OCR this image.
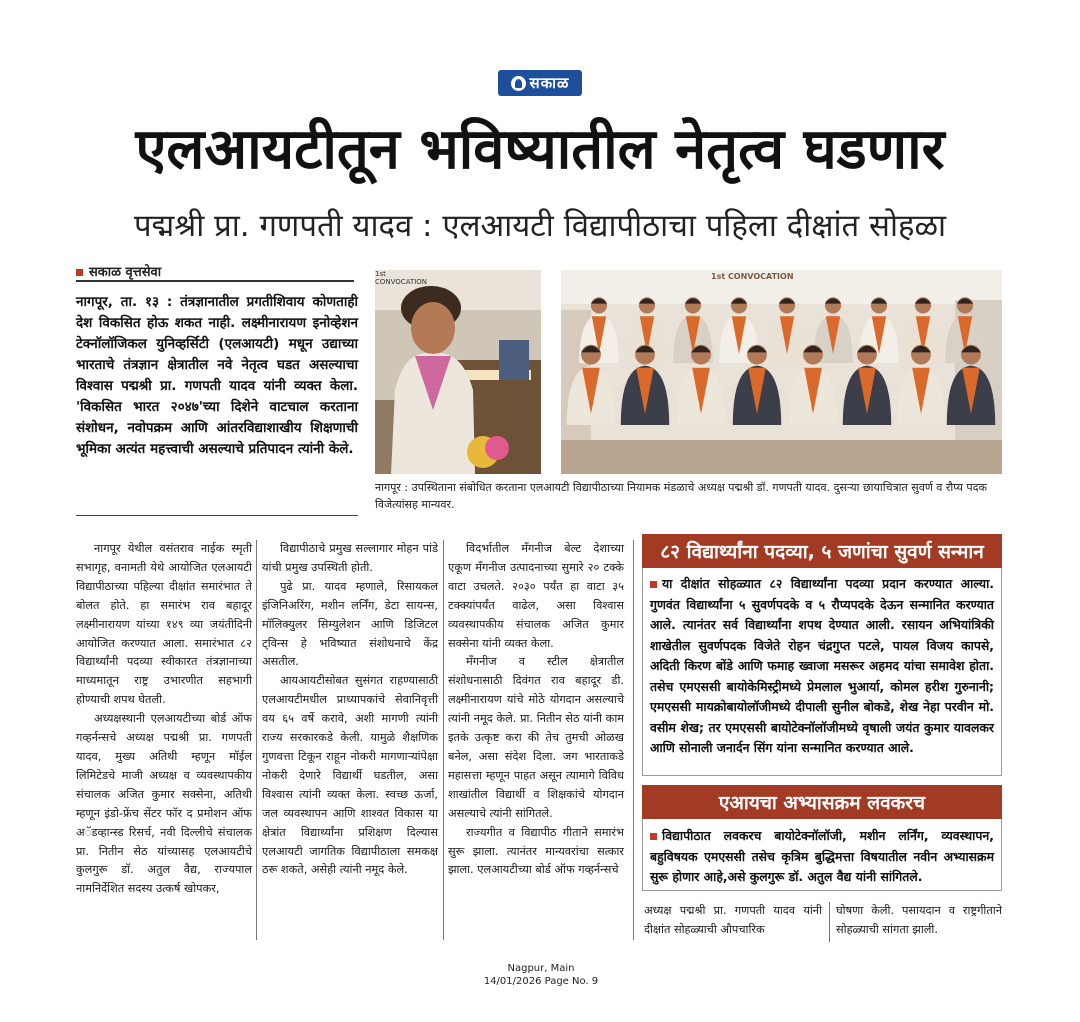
सकाळ
एलआयटीतून भविष्यातील नेतृत्व घडणार
पद्मश्री प्रा. गणपती यादव : एलआयटी विद्यापीठाचा पहिला दीक्षांत सोहळा
सकाळ वृत्तसेवा

नागपूर, ता. १३ : तंत्रज्ञानातील प्रगतीशिवाय कोणताही देश विकसित होऊ शकत नाही. लक्ष्मीनारायण इनोव्हेशन टेक्नॉलॉजिकल युनिव्हर्सिटी (एलआयटी) मधून उद्याच्या भारताचे तंत्रज्ञान क्षेत्रातील नवे नेतृत्व घडत असल्याचा विश्वास पद्मश्री प्रा. गणपती यादव यांनी व्यक्त केला. 'विकसित भारत २०४७'च्या दिशेने वाटचाल करताना संशोधन, नवोपक्रम आणि आंतरविद्याशाखीय शिक्षणाची भूमिका अत्यंत महत्त्वाची असल्याचे प्रतिपादन त्यांनी केले.

1st CONVOCATION
1st CONVOCATION
नागपूर : उपस्थिताना संबोधित करताना एलआयटी विद्यापीठाच्या नियामक मंडळाचे अध्यक्ष पद्मश्री डॉ. गणपती यादव. दुसऱ्या छायाचित्रात सुवर्ण व रौप्य पदक विजेत्यांसह मान्यवर.

नागपूर येथील वसंतराव नाईक स्मृती सभागृह, वनामती येथे आयोजित एलआयटी विद्यापीठाच्या पहिल्या दीक्षांत समारंभात ते बोलत होते. हा समारंभ राव बहादूर लक्ष्मीनारायण यांच्या १४९ व्या जयंतीदिनी आयोजित करण्यात आला. समारंभात ८२ विद्यार्थ्यांनी पदव्या स्वीकारत तंत्रज्ञानाच्या माध्यमातून राष्ट्र उभारणीत सहभागी होण्याची शपथ घेतली.

अध्यक्षस्थानी एलआयटीच्या बोर्ड ऑफ गव्हर्नन्सचे अध्यक्ष पद्मश्री प्रा. गणपती यादव, मुख्य अतिथी म्हणून मॉईल लिमिटेडचे माजी अध्यक्ष व व्यवस्थापकीय संचालक अजित कुमार सक्सेना, अतिथी म्हणून इंडो-फ्रेंच सेंटर फॉर द प्रमोशन ऑफ अॅडव्हान्स्ड रिसर्च, नवी दिल्लीचे संचालक प्रा. नितीन सेठ यांच्यासह एलआयटीचे कुलगुरू डॉ. अतुल वैद्य, राज्यपाल नामनिर्देशित सदस्य उत्कर्ष खोपकर,

विद्यापीठाचे प्रमुख सल्लागार मोहन पांडे यांची प्रमुख उपस्थिती होती.

पुढे प्रा. यादव म्हणाले, रिसायकल इंजिनिअरिंग, मशीन लर्निंग, डेटा सायन्स, मॉलिक्युलर सिम्युलेशन आणि डिजिटल ट्विन्स हे भविष्यात संशोधनाचे केंद्र असतील.

आयआयटीसोबत सुसंगत राहण्यासाठी एलआयटीमधील प्राध्यापकांचे सेवानिवृत्ती वय ६५ वर्षे करावे, अशी मागणी त्यांनी राज्य सरकारकडे केली. यामुळे शैक्षणिक गुणवत्ता टिकून राहून नोकरी मागणाऱ्यांपेक्षा नोकरी देणारे विद्यार्थी घडतील, असा विश्वास त्यांनी व्यक्त केला. स्वच्छ ऊर्जा, जल व्यवस्थापन आणि शाश्वत विकास या क्षेत्रांत विद्यार्थ्यांना प्रशिक्षण दिल्यास एलआयटी जागतिक विद्यापीठाला समकक्ष ठरू शकते, असेही त्यांनी नमूद केले.

विदर्भातील मँगनीज बेल्ट देशाच्या एकूण मँगनीज उत्पादनाच्या सुमारे २० टक्के वाटा उचलते. २०३० पर्यंत हा वाटा ३५ टक्क्यांपर्यंत वाढेल, असा विश्वास व्यवस्थापकीय संचालक अजित कुमार सक्सेना यांनी व्यक्त केला.

मँगनीज व स्टील क्षेत्रातील संशोधनासाठी दिवंगत राव बहादूर डी. लक्ष्मीनारायण यांचे मोठे योगदान असल्याचे त्यांनी नमूद केले. प्रा. नितीन सेठ यांनी काम इतके उत्कृष्ट करा की तेच तुमची ओळख बनेल, असा संदेश दिला. जग भारताकडे महासत्ता म्हणून पाहत असून त्यामागे विविध शाखांतील विद्यार्थी व शिक्षकांचे योगदान असल्याचे त्यांनी सांगितले.

राज्यगीत व विद्यापीठ गीताने समारंभ सुरू झाला. त्यानंतर मान्यवरांचा सत्कार झाला. एलआयटीच्या बोर्ड ऑफ गव्हर्नन्सचे

८२ विद्यार्थ्यांना पदव्या, ५ जणांचा सुवर्ण सन्मान
या दीक्षांत सोहळ्यात ८२ विद्यार्थ्यांना पदव्या प्रदान करण्यात आल्या. गुणवंत विद्यार्थ्यांना ५ सुवर्णपदके व ५ रौप्यपदके देऊन सन्मानित करण्यात आले. त्यानंतर सर्व विद्यार्थ्यांना शपथ देण्यात आली. रसायन अभियांत्रिकी शाखेतील सुवर्णपदक विजेते रोहन चंद्रगुप्त पटले, पायल विजय कापसे, अदिती किरण बोंडे आणि फमाह ख्वाजा मसरूर अहमद यांचा समावेश होता. तसेच एमएससी बायोकेमिस्ट्रीमध्ये प्रेमलाल भुआर्या, कोमल हरीश गुरुनानी; एमएससी मायक्रोबायोलॉजीमध्ये दीपाली सुनील बोकडे, शेख नेहा परवीन मो. वसीम शेख; तर एमएससी बायोटेक्नॉलॉजीमध्ये वृषाली जयंत कुमार यावलकर आणि सोनाली जनार्दन सिंग यांना सन्मानित करण्यात आले.
एआयचा अभ्यासक्रम लवकरच
विद्यापीठात लवकरच बायोटेक्नॉलॉजी, मशीन लर्निंग, व्यवस्थापन, बहुविषयक एमएससी तसेच कृत्रिम बुद्धिमत्ता विषयातील नवीन अभ्यासक्रम सुरू होणार आहे,असे कुलगुरू डॉ. अतुल वैद्य यांनी सांगितले.

अध्यक्ष पद्मश्री प्रा. गणपती यादव यांनी दीक्षांत सोहळ्याची औपचारिक

घोषणा केली. पसायदान व राष्ट्रगीताने सोहळ्याची सांगता झाली.

Nagpur, Main
14/01/2026 Page No. 9
